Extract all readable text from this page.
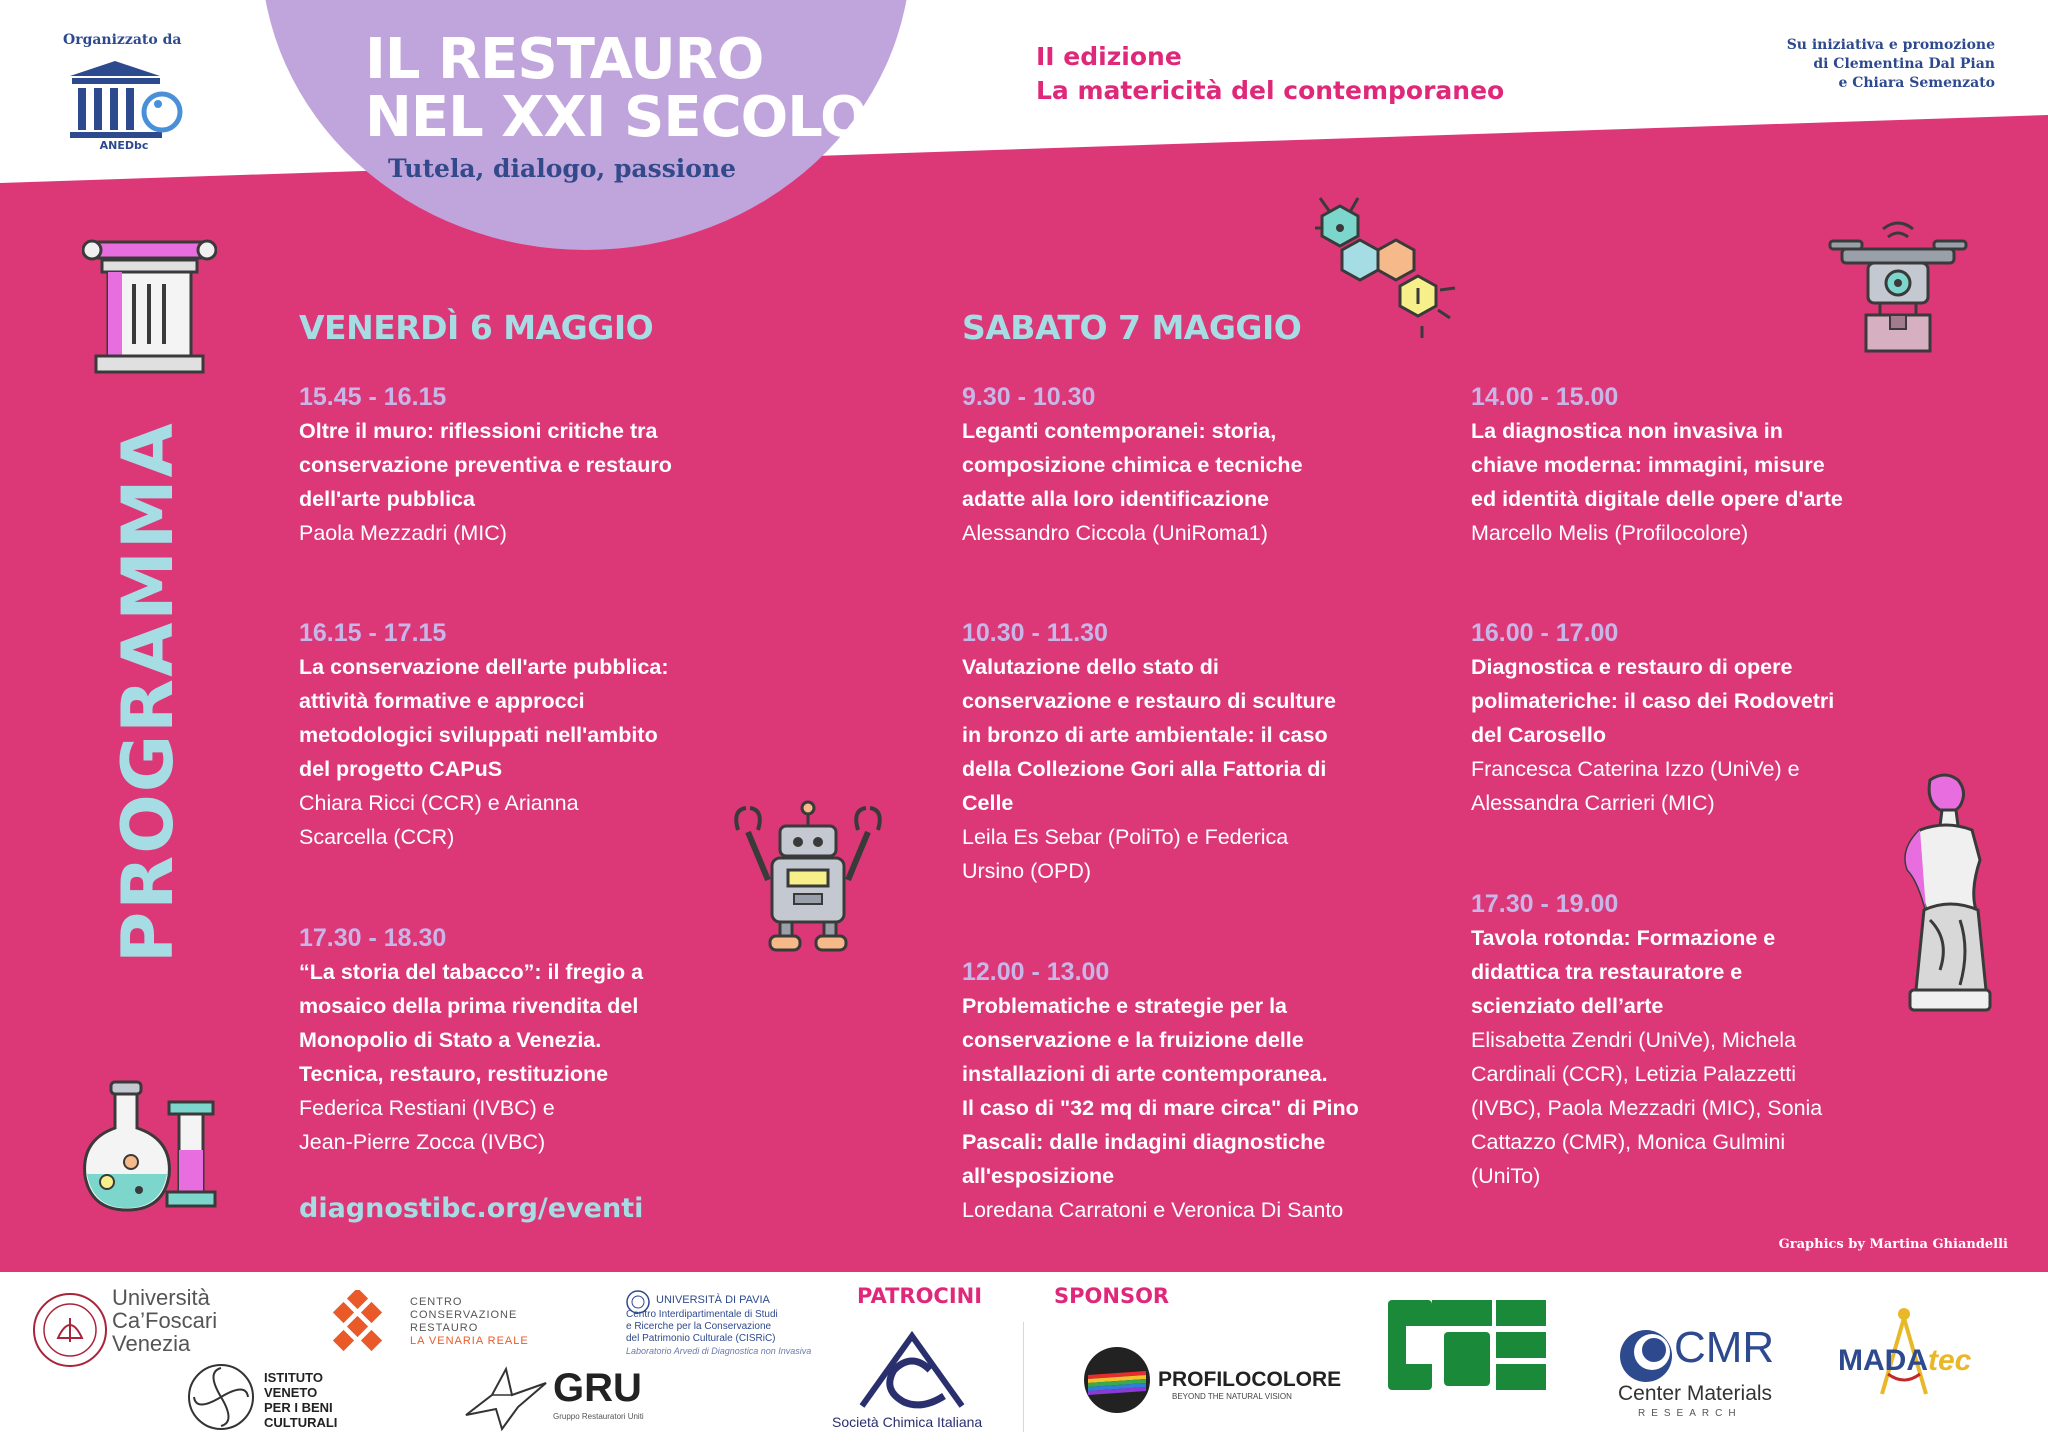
IL RESTAURO
NEL XXI SECOLO
Tutela, dialogo, passione
Organizzato da
ANEDbc
II edizione
La matericità del contemporaneo
Su iniziativa e promozione
di Clementina Dal Pian
e Chiara Semenzato
PROGRAMMA
VENERDÌ 6 MAGGIO	SABATO 7 MAGGIO
15.45 - 16.15
Oltre il muro: riflessioni critiche tra
conservazione preventiva e restauro
dell'arte pubblica
Paola Mezzadri (MIC)
16.15 - 17.15
La conservazione dell'arte pubblica:
attività formative e approcci
metodologici sviluppati nell'ambito
del progetto CAPuS
Chiara Ricci (CCR) e Arianna
Scarcella (CCR)
17.30 - 18.30
“La storia del tabacco”: il fregio a
mosaico della prima rivendita del
Monopolio di Stato a Venezia.
Tecnica, restauro, restituzione
Federica Restiani (IVBC) e
Jean-Pierre Zocca (IVBC)
9.30 - 10.30
Leganti contemporanei: storia,
composizione chimica e tecniche
adatte alla loro identificazione
Alessandro Ciccola (UniRoma1)
10.30 - 11.30
Valutazione dello stato di
conservazione e restauro di sculture
in bronzo di arte ambientale: il caso
della Collezione Gori alla Fattoria di
Celle
Leila Es Sebar (PoliTo) e Federica
Ursino (OPD)
12.00 - 13.00
Problematiche e strategie per la
conservazione e la fruizione delle
installazioni di arte contemporanea.
Il caso di "32 mq di mare circa" di Pino
Pascali: dalle indagini diagnostiche
all'esposizione
Loredana Carratoni e Veronica Di Santo
14.00 - 15.00
La diagnostica non invasiva in
chiave moderna: immagini, misure
ed identità digitale delle opere d'arte
Marcello Melis (Profilocolore)
16.00 - 17.00
Diagnostica e restauro di opere
polimateriche: il caso dei Rodovetri
del Carosello
Francesca Caterina Izzo (UniVe) e
Alessandra Carrieri (MIC)
17.30 - 19.00
Tavola rotonda: Formazione e
didattica tra restauratore e
scienziato dell’arte
Elisabetta Zendri (UniVe), Michela
Cardinali (CCR), Letizia Palazzetti
(IVBC), Paola Mezzadri (MIC), Sonia
Cattazzo (CMR), Monica Gulmini
(UniTo)
diagnostibc.org/eventi
Graphics by Martina Ghiandelli
PATROCINI	SPONSOR
Università
Ca’Foscari
Venezia
CENTRO
CONSERVAZIONE
RESTAURO
LA VENARIA REALE
UNIVERSITÀ DI PAVIA
Centro Interdipartimentale di Studi
e Ricerche per la Conservazione
del Patrimonio Culturale (CISRiC)
Laboratorio Arvedi di Diagnostica non Invasiva
ISTITUTO
VENETO
PER I BENI
CULTURALI
GRU
Gruppo Restauratori Uniti	Società Chimica Italiana
PROFILOCOLORE
BEYOND THE NATURAL VISION
CMR
Center Materials
RESEARCH
MADAtec
